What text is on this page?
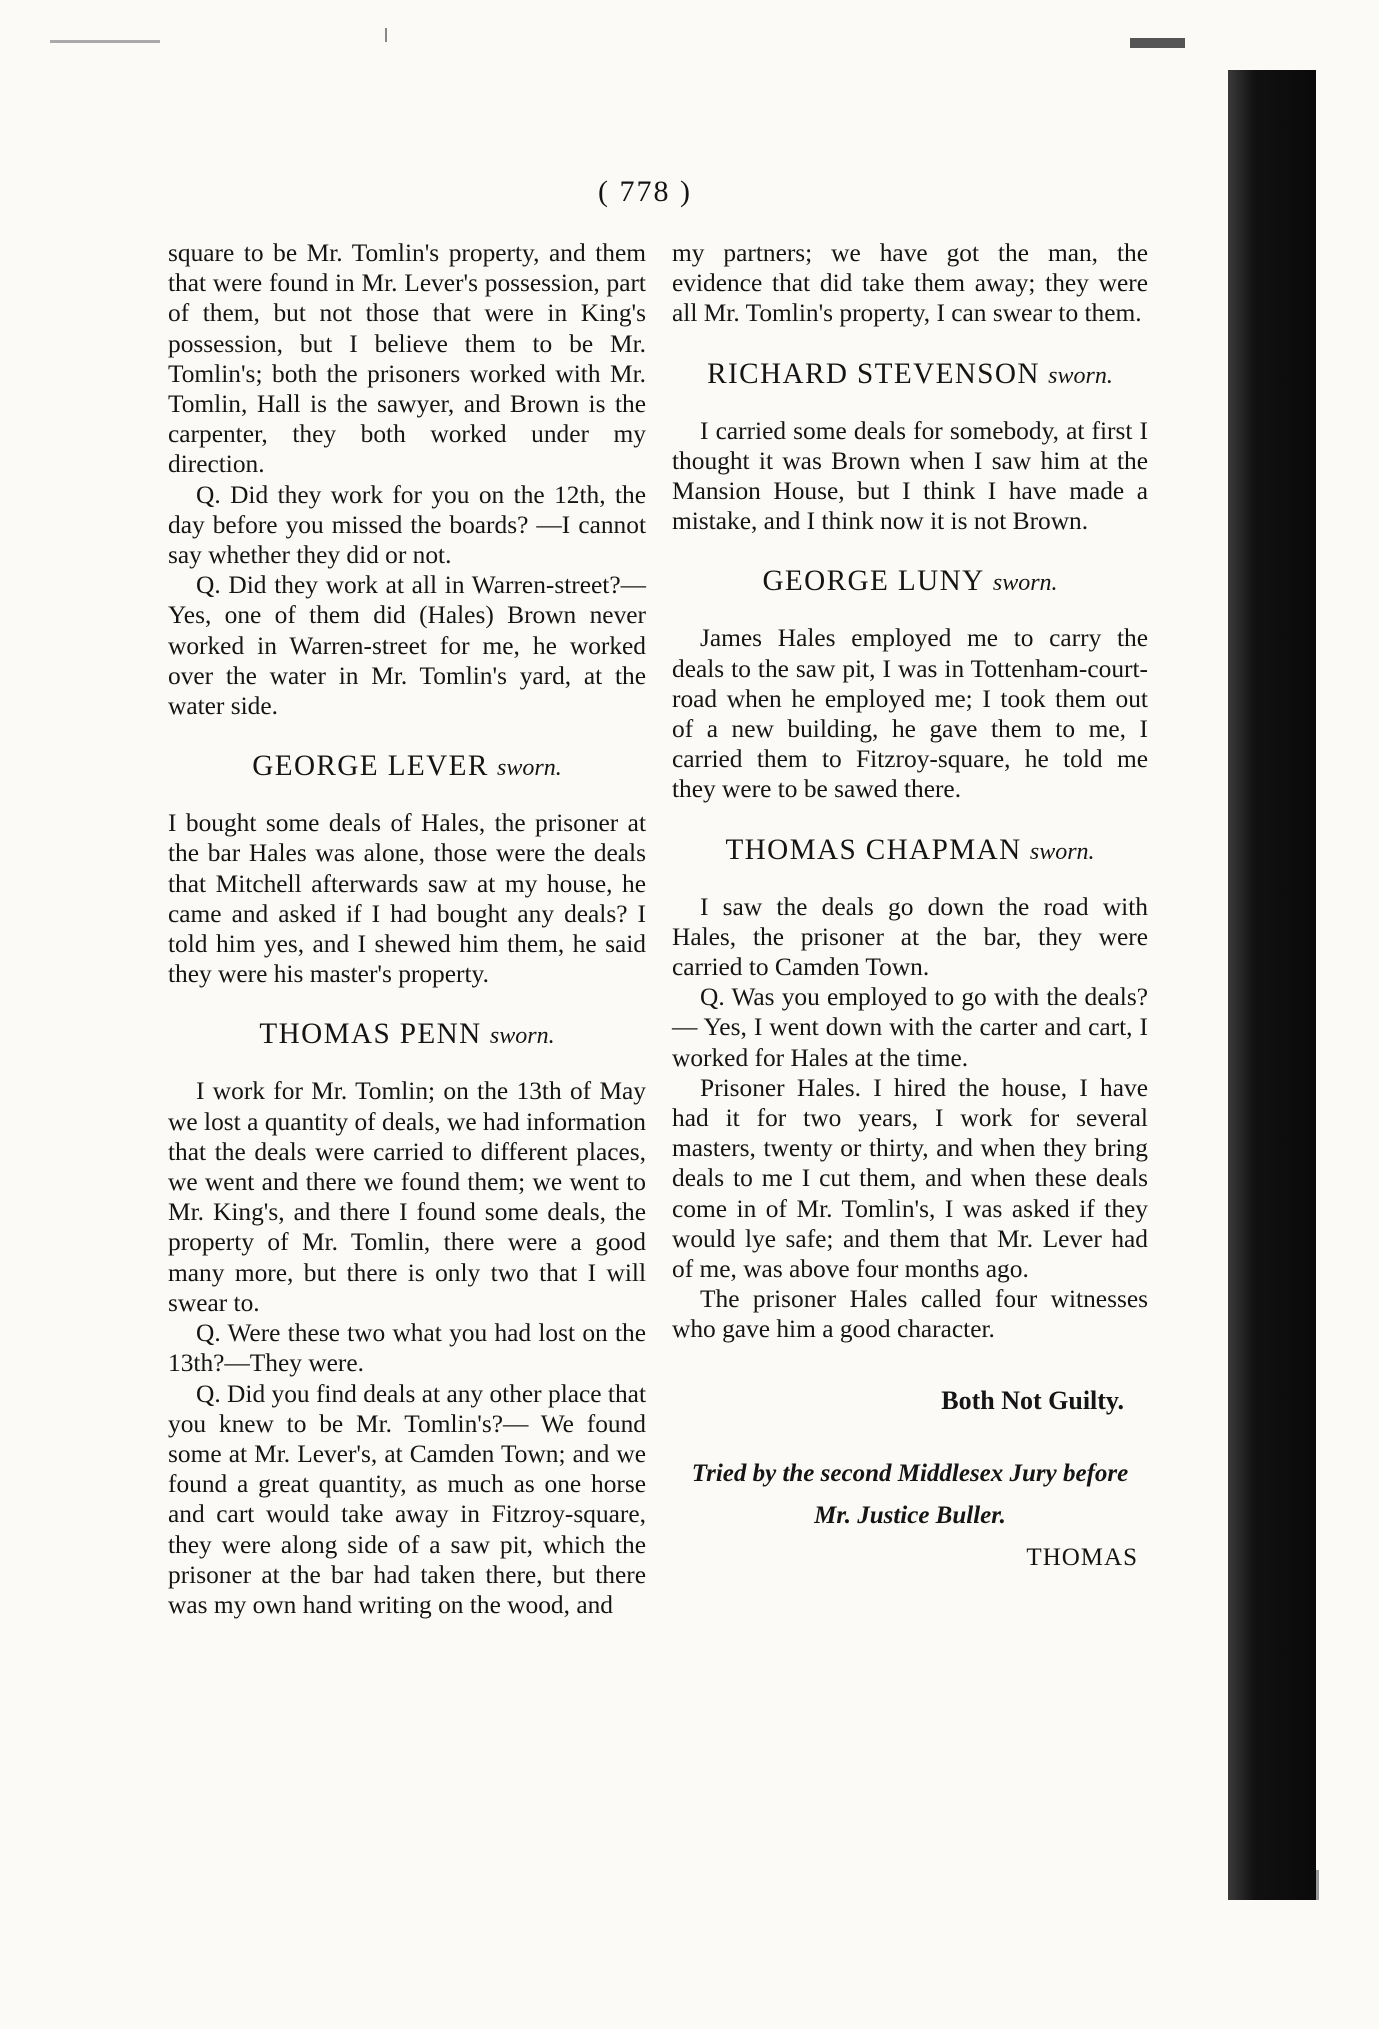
( 778 )

square to be Mr. Tomlin's property, and them that were found in Mr. Lever's possession, part of them, but not those that were in King's possession, but I believe them to be Mr. Tomlin's; both the prisoners worked with Mr. Tomlin, Hall is the sawyer, and Brown is the carpenter, they both worked under my direction.

Q. Did they work for you on the 12th, the day before you missed the boards? —I cannot say whether they did or not.

Q. Did they work at all in Warren-street?— Yes, one of them did (Hales) Brown never worked in Warren-street for me, he worked over the water in Mr. Tomlin's yard, at the water side.

GEORGE LEVER sworn.

I bought some deals of Hales, the prisoner at the bar Hales was alone, those were the deals that Mitchell afterwards saw at my house, he came and asked if I had bought any deals? I told him yes, and I shewed him them, he said they were his master's property.

THOMAS PENN sworn.

I work for Mr. Tomlin; on the 13th of May we lost a quantity of deals, we had information that the deals were carried to different places, we went and there we found them; we went to Mr. King's, and there I found some deals, the property of Mr. Tomlin, there were a good many more, but there is only two that I will swear to.

Q. Were these two what you had lost on the 13th?—They were.

Q. Did you find deals at any other place that you knew to be Mr. Tomlin's?— We found some at Mr. Lever's, at Camden Town; and we found a great quantity, as much as one horse and cart would take away in Fitzroy-square, they were along side of a saw pit, which the prisoner at the bar had taken there, but there was my own hand writing on the wood, and

my partners; we have got the man, the evidence that did take them away; they were all Mr. Tomlin's property, I can swear to them.

RICHARD STEVENSON sworn.

I carried some deals for somebody, at first I thought it was Brown when I saw him at the Mansion House, but I think I have made a mistake, and I think now it is not Brown.

GEORGE LUNY sworn.

James Hales employed me to carry the deals to the saw pit, I was in Tottenham-court-road when he employed me; I took them out of a new building, he gave them to me, I carried them to Fitzroy-square, he told me they were to be sawed there.

THOMAS CHAPMAN sworn.

I saw the deals go down the road with Hales, the prisoner at the bar, they were carried to Camden Town.

Q. Was you employed to go with the deals?— Yes, I went down with the carter and cart, I worked for Hales at the time.

Prisoner Hales. I hired the house, I have had it for two years, I work for several masters, twenty or thirty, and when they bring deals to me I cut them, and when these deals come in of Mr. Tomlin's, I was asked if they would lye safe; and them that Mr. Lever had of me, was above four months ago.

The prisoner Hales called four witnesses who gave him a good character.

Both Not Guilty.

Tried by the second Middlesex Jury before
Mr. Justice Buller.

THOMAS
